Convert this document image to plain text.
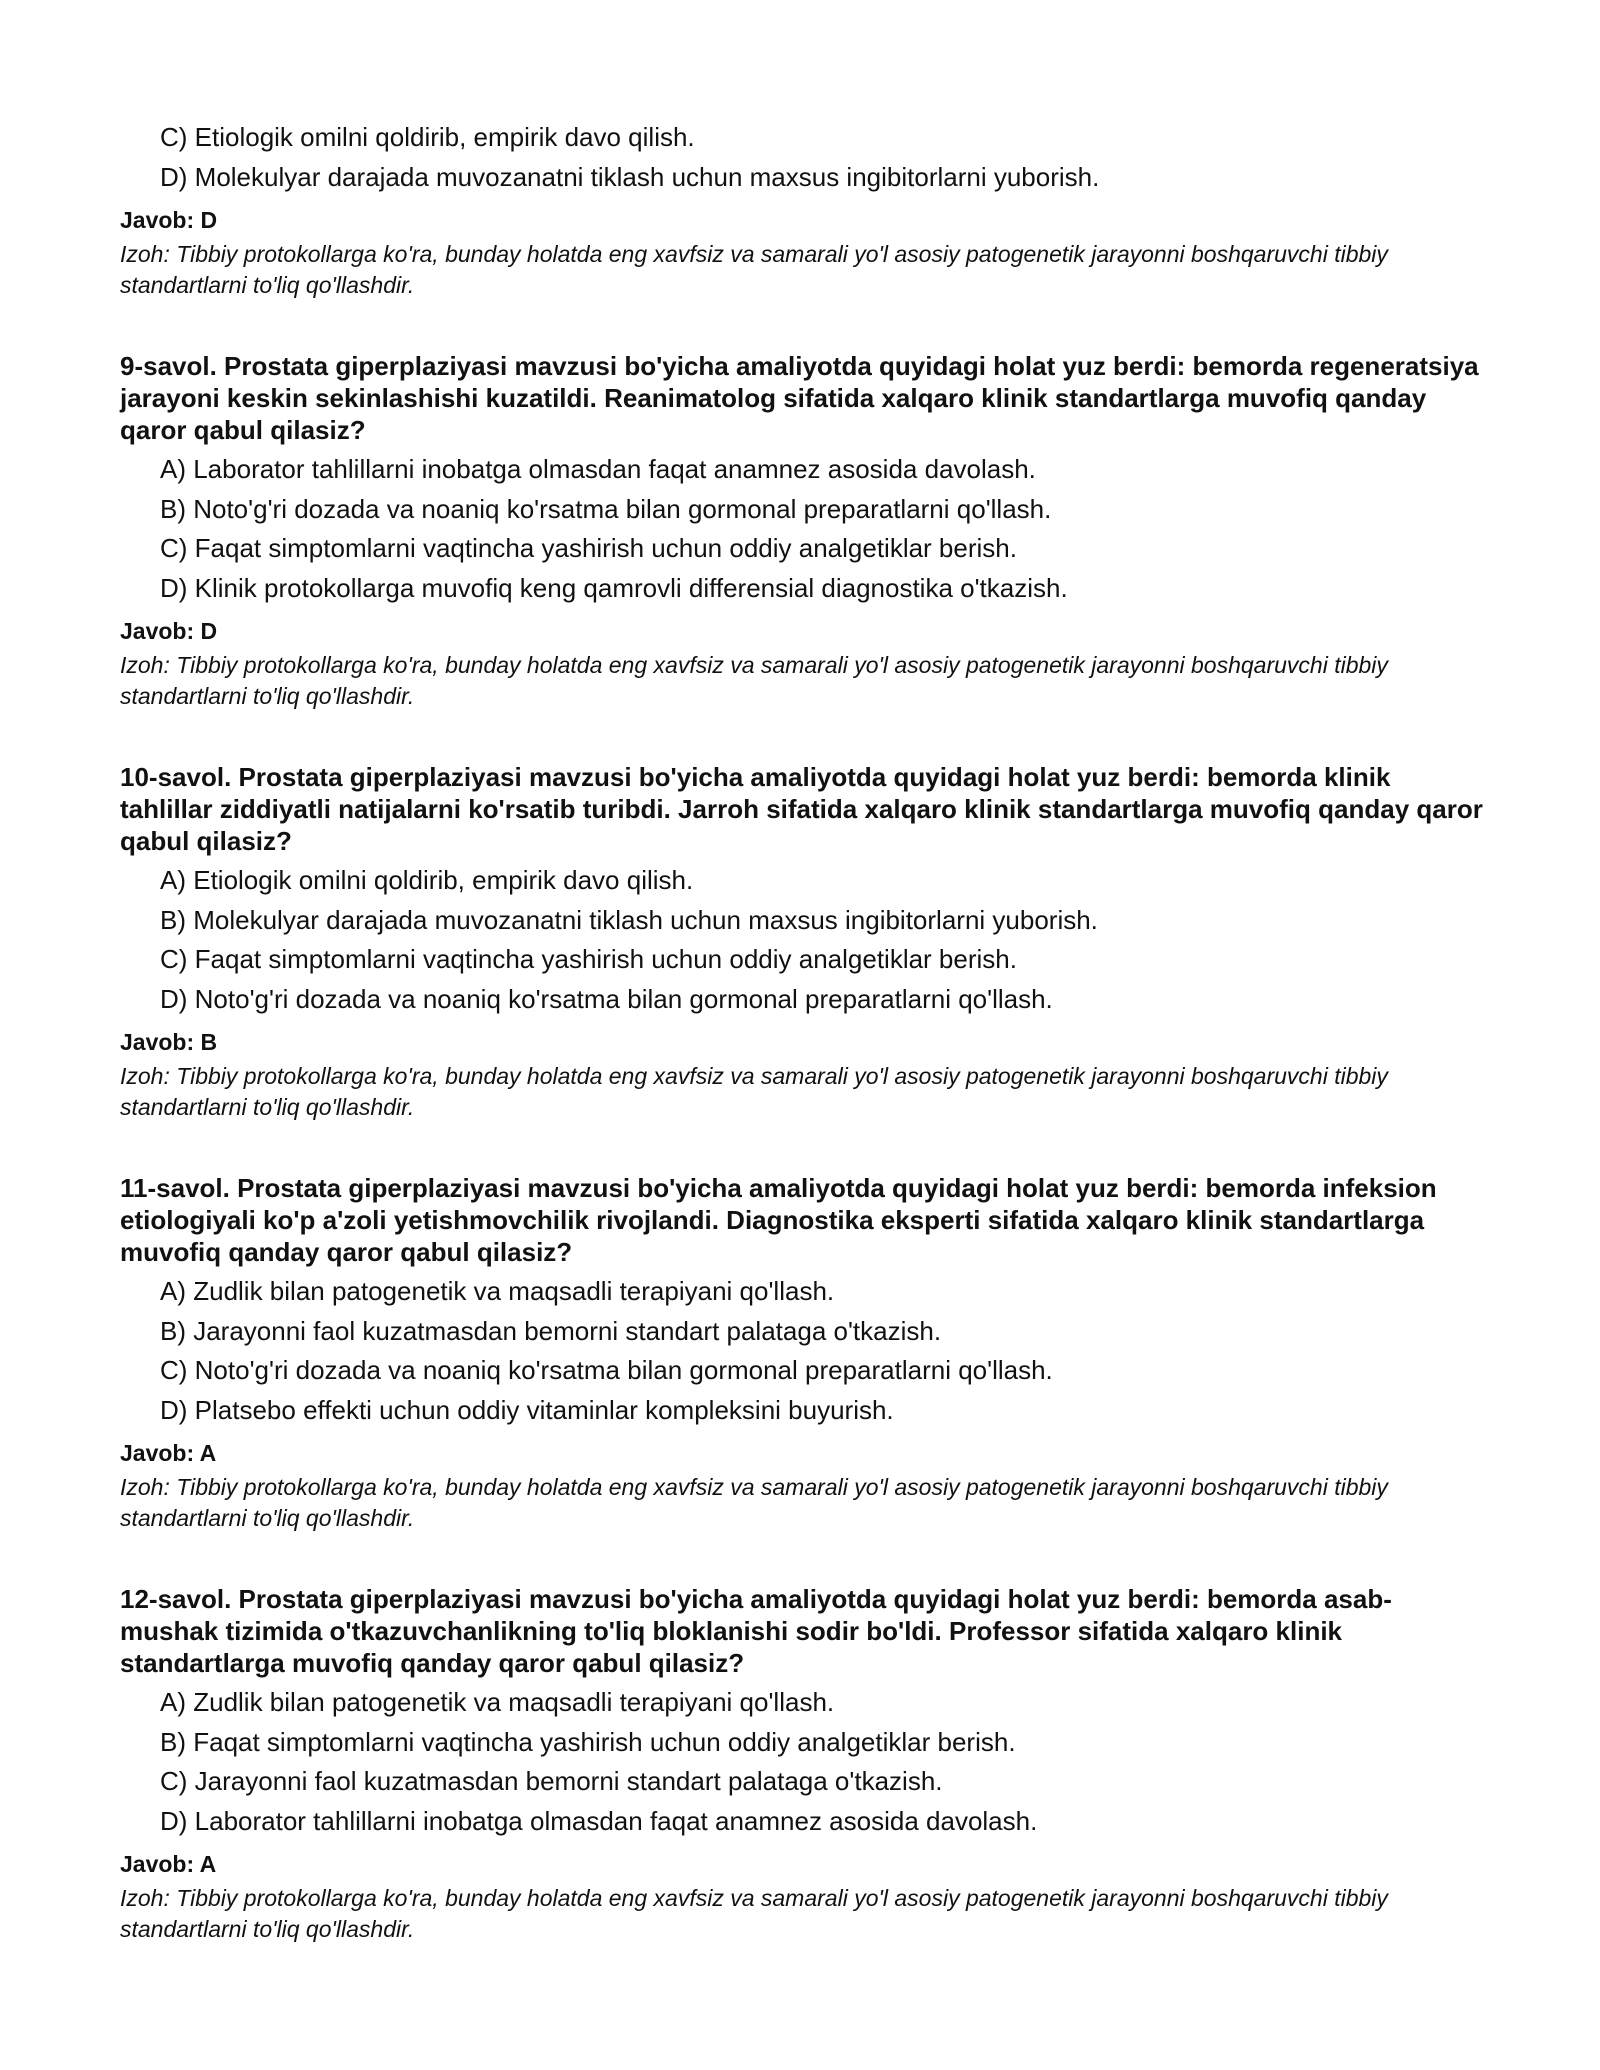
C) Etiologik omilni qoldirib, empirik davo qilish.
D) Molekulyar darajada muvozanatni tiklash uchun maxsus ingibitorlarni yuborish.
Javob: D
Izoh: Tibbiy protokollarga ko'ra, bunday holatda eng xavfsiz va samarali yo'l asosiy patogenetik jarayonni boshqaruvchi tibbiy standartlarni to'liq qo'llashdir.
9-savol. Prostata giperplaziyasi mavzusi bo'yicha amaliyotda quyidagi holat yuz berdi: bemorda regeneratsiya jarayoni keskin sekinlashishi kuzatildi. Reanimatolog sifatida xalqaro klinik standartlarga muvofiq qanday qaror qabul qilasiz?
A) Laborator tahlillarni inobatga olmasdan faqat anamnez asosida davolash.
B) Noto'g'ri dozada va noaniq ko'rsatma bilan gormonal preparatlarni qo'llash.
C) Faqat simptomlarni vaqtincha yashirish uchun oddiy analgetiklar berish.
D) Klinik protokollarga muvofiq keng qamrovli differensial diagnostika o'tkazish.
Javob: D
Izoh: Tibbiy protokollarga ko'ra, bunday holatda eng xavfsiz va samarali yo'l asosiy patogenetik jarayonni boshqaruvchi tibbiy standartlarni to'liq qo'llashdir.
10-savol. Prostata giperplaziyasi mavzusi bo'yicha amaliyotda quyidagi holat yuz berdi: bemorda klinik tahlillar ziddiyatli natijalarni ko'rsatib turibdi. Jarroh sifatida xalqaro klinik standartlarga muvofiq qanday qaror qabul qilasiz?
A) Etiologik omilni qoldirib, empirik davo qilish.
B) Molekulyar darajada muvozanatni tiklash uchun maxsus ingibitorlarni yuborish.
C) Faqat simptomlarni vaqtincha yashirish uchun oddiy analgetiklar berish.
D) Noto'g'ri dozada va noaniq ko'rsatma bilan gormonal preparatlarni qo'llash.
Javob: B
Izoh: Tibbiy protokollarga ko'ra, bunday holatda eng xavfsiz va samarali yo'l asosiy patogenetik jarayonni boshqaruvchi tibbiy standartlarni to'liq qo'llashdir.
11-savol. Prostata giperplaziyasi mavzusi bo'yicha amaliyotda quyidagi holat yuz berdi: bemorda infeksion etiologiyali ko'p a'zoli yetishmovchilik rivojlandi. Diagnostika eksperti sifatida xalqaro klinik standartlarga muvofiq qanday qaror qabul qilasiz?
A) Zudlik bilan patogenetik va maqsadli terapiyani qo'llash.
B) Jarayonni faol kuzatmasdan bemorni standart palataga o'tkazish.
C) Noto'g'ri dozada va noaniq ko'rsatma bilan gormonal preparatlarni qo'llash.
D) Platsebo effekti uchun oddiy vitaminlar kompleksini buyurish.
Javob: A
Izoh: Tibbiy protokollarga ko'ra, bunday holatda eng xavfsiz va samarali yo'l asosiy patogenetik jarayonni boshqaruvchi tibbiy standartlarni to'liq qo'llashdir.
12-savol. Prostata giperplaziyasi mavzusi bo'yicha amaliyotda quyidagi holat yuz berdi: bemorda asab-mushak tizimida o'tkazuvchanlikning to'liq bloklanishi sodir bo'ldi. Professor sifatida xalqaro klinik standartlarga muvofiq qanday qaror qabul qilasiz?
A) Zudlik bilan patogenetik va maqsadli terapiyani qo'llash.
B) Faqat simptomlarni vaqtincha yashirish uchun oddiy analgetiklar berish.
C) Jarayonni faol kuzatmasdan bemorni standart palataga o'tkazish.
D) Laborator tahlillarni inobatga olmasdan faqat anamnez asosida davolash.
Javob: A
Izoh: Tibbiy protokollarga ko'ra, bunday holatda eng xavfsiz va samarali yo'l asosiy patogenetik jarayonni boshqaruvchi tibbiy standartlarni to'liq qo'llashdir.
